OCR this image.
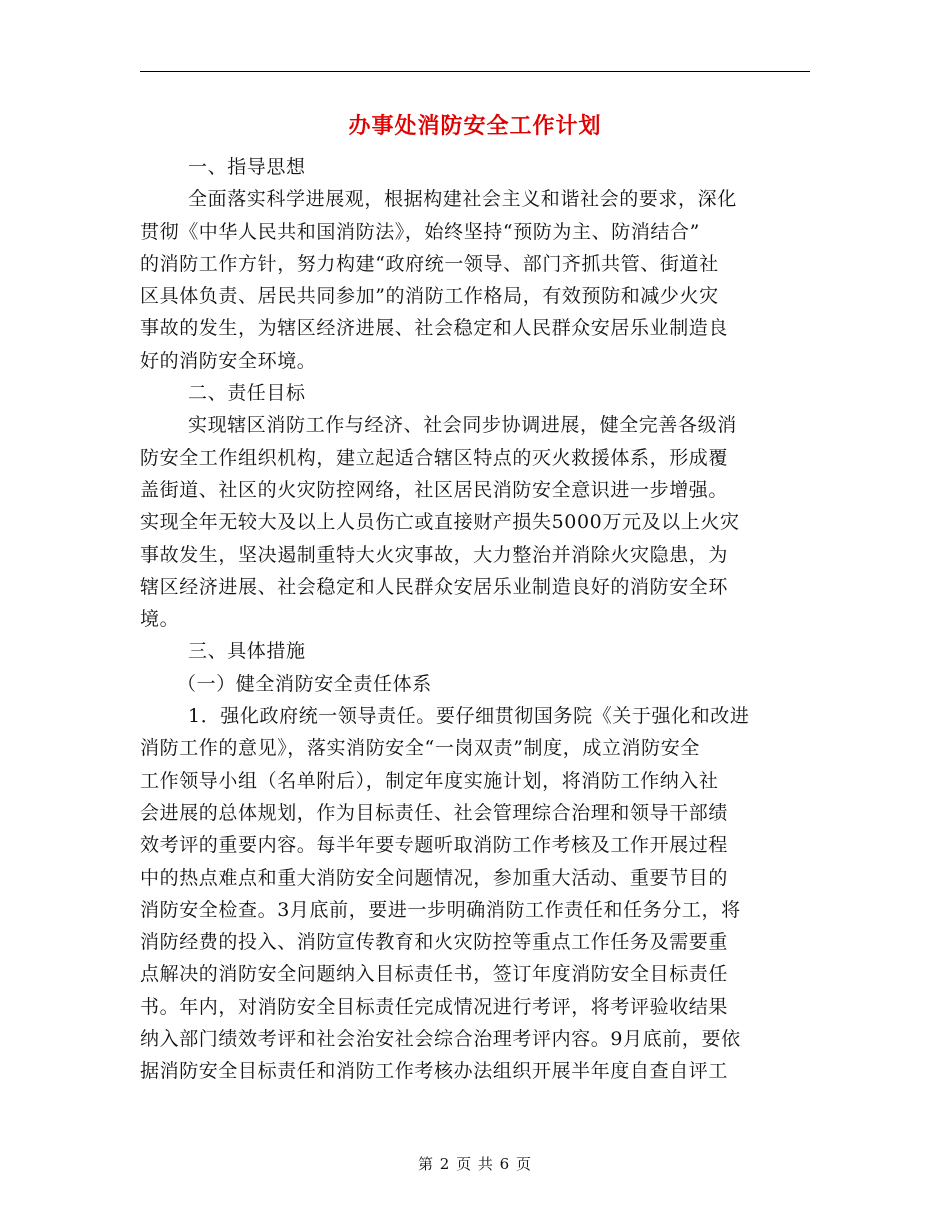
办事处消防安全工作计划
一、指导思想
全面落实科学进展观，根据构建社会主义和谐社会的要求，深化
贯彻《中华人民共和国消防法》，始终坚持“预防为主、防消结合”
的消防工作方针，努力构建“政府统一领导、部门齐抓共管、街道社
区具体负责、居民共同参加”的消防工作格局，有效预防和减少火灾
事故的发生，为辖区经济进展、社会稳定和人民群众安居乐业制造良
好的消防安全环境。
二、责任目标
实现辖区消防工作与经济、社会同步协调进展，健全完善各级消
防安全工作组织机构，建立起适合辖区特点的灭火救援体系，形成覆
盖街道、社区的火灾防控网络，社区居民消防安全意识进一步增强。
实现全年无较大及以上人员伤亡或直接财产损失5000万元及以上火灾
事故发生，坚决遏制重特大火灾事故，大力整治并消除火灾隐患，为
辖区经济进展、社会稳定和人民群众安居乐业制造良好的消防安全环
境。
三、具体措施
（一）健全消防安全责任体系
1．强化政府统一领导责任。要仔细贯彻国务院《关于强化和改进
消防工作的意见》，落实消防安全“一岗双责”制度，成立消防安全
工作领导小组（名单附后），制定年度实施计划，将消防工作纳入社
会进展的总体规划，作为目标责任、社会管理综合治理和领导干部绩
效考评的重要内容。每半年要专题听取消防工作考核及工作开展过程
中的热点难点和重大消防安全问题情况，参加重大活动、重要节目的
消防安全检查。3月底前，要进一步明确消防工作责任和任务分工，将
消防经费的投入、消防宣传教育和火灾防控等重点工作任务及需要重
点解决的消防安全问题纳入目标责任书，签订年度消防安全目标责任
书。年内，对消防安全目标责任完成情况进行考评，将考评验收结果
纳入部门绩效考评和社会治安社会综合治理考评内容。9月底前，要依
据消防安全目标责任和消防工作考核办法组织开展半年度自查自评工
第 2 页 共 6 页
